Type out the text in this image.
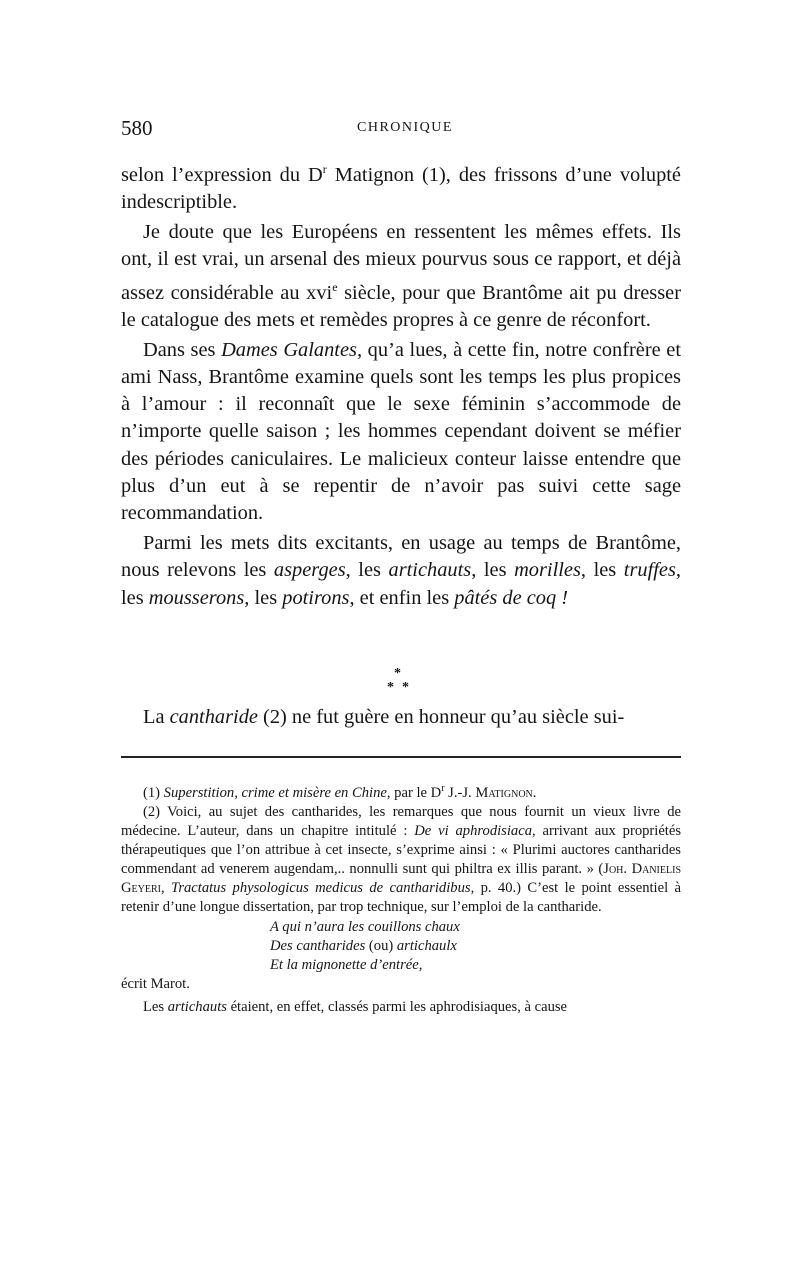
580	CHRONIQUE

selon l’expression du $D^r$ Matignon (1), des frissons d’une volupté indescriptible.

Je doute que les Européens en ressentent les mêmes effets. Ils ont, il est vrai, un arsenal des mieux pourvus sous ce rapport, et déjà assez considérable au xvi$^e$ siècle, pour que Brantôme ait pu dresser le catalogue des mets et remèdes propres à ce genre de réconfort.

Dans ses Dames Galantes, qu’a lues, à cette fin, notre confrère et ami Nass, Brantôme examine quels sont les temps les plus propices à l’amour : il reconnaît que le sexe féminin s’accommode de n’importe quelle saison ; les hommes cependant doivent se méfier des périodes caniculaires. Le malicieux conteur laisse entendre que plus d’un eut à se repentir de n’avoir pas suivi cette sage recommandation.

Parmi les mets dits excitants, en usage au temps de Brantôme, nous relevons les asperges, les artichauts, les morilles, les truffes, les mousserons, les potirons, et enfin les pâtés de coq !

*
* *

La cantharide (2) ne fut guère en honneur qu’au siècle sui-

(1) Superstition, crime et misère en Chine, par le $D^r$ J.-J. Matignon.

(2) Voici, au sujet des cantharides, les remarques que nous fournit un vieux livre de médecine. L’auteur, dans un chapitre intitulé : De vi aphrodisiaca, arrivant aux propriétés thérapeutiques que l’on attribue à cet insecte, s’exprime ainsi : « Plurimi auctores cantharides commendant ad venerem augendam,.. nonnulli sunt qui philtra ex illis parant. » (Joh. Danielis Geyeri, Tractatus physologicus medicus de cantharidibus, p. 40.) C’est le point essentiel à retenir d’une longue dissertation, par trop technique, sur l’emploi de la cantharide.

A qui n’aura les couillons chaux

Des cantharides (ou) artichaulx

Et la mignonette d’entrée,

écrit Marot.

Les artichauts étaient, en effet, classés parmi les aphrodisiaques, à cause
